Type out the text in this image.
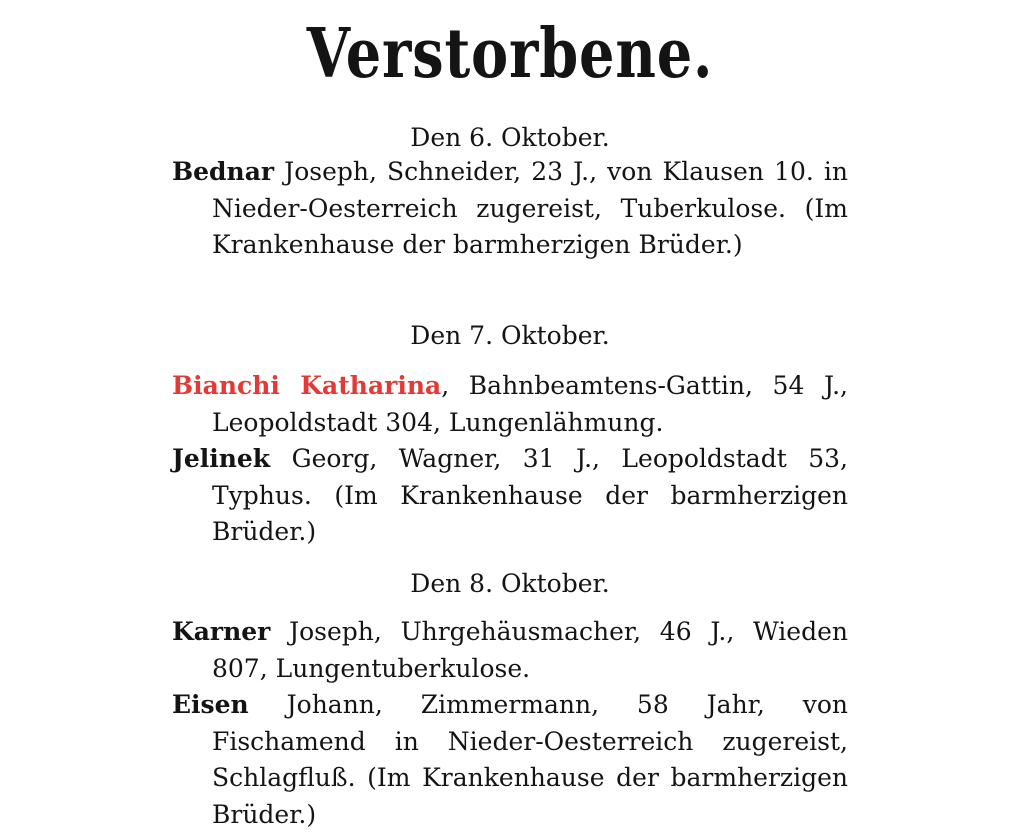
Verstorbene.
Den 6. Oktober.
Bednar Joseph, Schneider, 23 J., von Klausen 10. in Nieder-Oesterreich zugereist, Tuberkulose. (Im Krankenhause der barmherzigen Brüder.)
Den 7. Oktober.
Bianchi Katharina, Bahnbeamtens-Gattin, 54 J., Leopoldstadt 304, Lungenlähmung.
Jelinek Georg, Wagner, 31 J., Leopoldstadt 53, Typhus. (Im Krankenhause der barmherzigen Brüder.)
Den 8. Oktober.
Karner Joseph, Uhrgehäusmacher, 46 J., Wieden 807, Lungentuberkulose.
Eisen Johann, Zimmermann, 58 Jahr, von Fischamend in Nieder-Oesterreich zugereist, Schlagfluß. (Im Krankenhause der barmherzigen Brüder.)
